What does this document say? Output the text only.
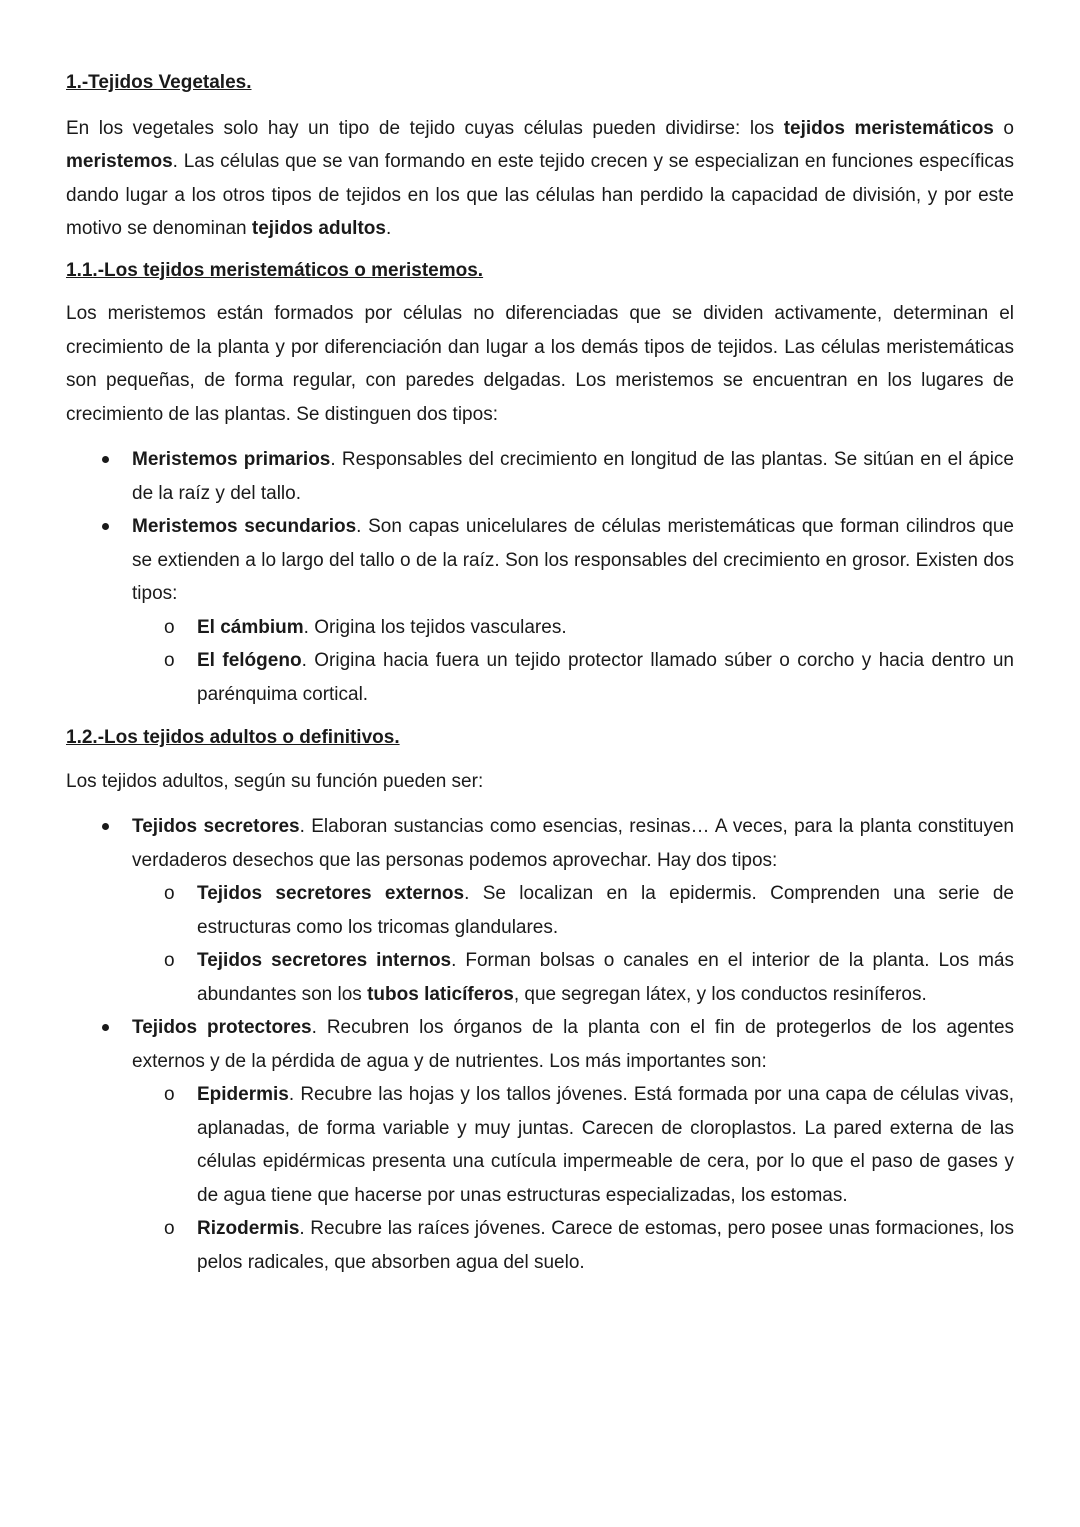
1.-Tejidos Vegetales.

En los vegetales solo hay un tipo de tejido cuyas células pueden dividirse: los tejidos meristemáticos o meristemos. Las células que se van formando en este tejido crecen y se especializan en funciones específicas dando lugar a los otros tipos de tejidos en los que las células han perdido la capacidad de división, y por este motivo se denominan tejidos adultos.

1.1.-Los tejidos meristemáticos o meristemos.

Los meristemos están formados por células no diferenciadas que se dividen activamente, determinan el crecimiento de la planta y por diferenciación dan lugar a los demás tipos de tejidos. Las células meristemáticas son pequeñas, de forma regular, con paredes delgadas. Los meristemos se encuentran en los lugares de crecimiento de las plantas. Se distinguen dos tipos:

Meristemos primarios. Responsables del crecimiento en longitud de las plantas. Se sitúan en el ápice de la raíz y del tallo.
Meristemos secundarios. Son capas unicelulares de células meristemáticas que forman cilindros que se extienden a lo largo del tallo o de la raíz. Son los responsables del crecimiento en grosor. Existen dos tipos:
o El cámbium. Origina los tejidos vasculares.
o El felógeno. Origina hacia fuera un tejido protector llamado súber o corcho y hacia dentro un parénquima cortical.
1.2.-Los tejidos adultos o definitivos.

Los tejidos adultos, según su función pueden ser:

Tejidos secretores. Elaboran sustancias como esencias, resinas… A veces, para la planta constituyen verdaderos desechos que las personas podemos aprovechar. Hay dos tipos:
o Tejidos secretores externos. Se localizan en la epidermis. Comprenden una serie de estructuras como los tricomas glandulares.
o Tejidos secretores internos. Forman bolsas o canales en el interior de la planta. Los más abundantes son los tubos laticíferos, que segregan látex, y los conductos resiníferos.
Tejidos protectores. Recubren los órganos de la planta con el fin de protegerlos de los agentes externos y de la pérdida de agua y de nutrientes. Los más importantes son:
o Epidermis. Recubre las hojas y los tallos jóvenes. Está formada por una capa de células vivas, aplanadas, de forma variable y muy juntas. Carecen de cloroplastos. La pared externa de las células epidérmicas presenta una cutícula impermeable de cera, por lo que el paso de gases y de agua tiene que hacerse por unas estructuras especializadas, los estomas.
o Rizodermis. Recubre las raíces jóvenes. Carece de estomas, pero posee unas formaciones, los pelos radicales, que absorben agua del suelo.
